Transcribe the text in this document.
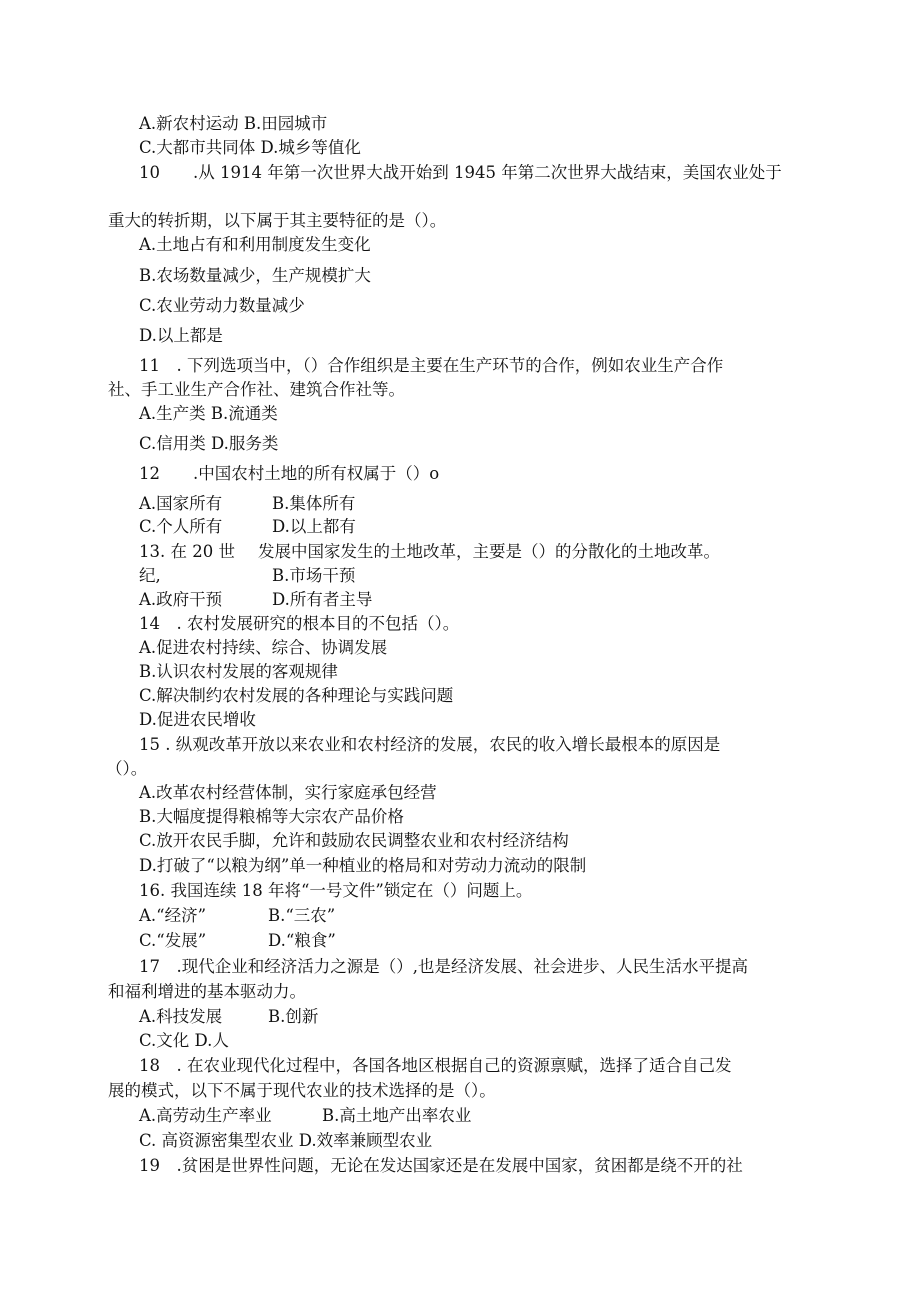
A.新农村运动 B.田园城市
C.大都市共同体 D.城乡等值化
10　　.从 1914 年第一次世界大战开始到 1945 年第二次世界大战结束，美国农业处于
重大的转折期，以下属于其主要特征的是（）。
A.土地占有和利用制度发生变化
B.农场数量减少，生产规模扩大
C.农业劳动力数量减少
D.以上都是
11　. 下列选项当中，（）合作组织是主要在生产环节的合作，例如农业生产合作
社、手工业生产合作社、建筑合作社等。
A.生产类 B.流通类
C.信用类 D.服务类
12　　.中国农村土地的所有权属于（）o
A.国家所有	B.集体所有
C.个人所有	D.以上都有
13. 在 20 世 发展中国家发生的土地改革，主要是（）的分散化的土地改革。
纪,	B.市场干预
A.政府干预	D.所有者主导
14　. 农村发展研究的根本目的不包括（）。
A.促进农村持续、综合、协调发展
B.认识农村发展的客观规律
C.解决制约农村发展的各种理论与实践问题
D.促进农民增收
15 . 纵观改革开放以来农业和农村经济的发展，农民的收入增长最根本的原因是
（）。
A.改革农村经营体制，实行家庭承包经营
B.大幅度提得粮棉等大宗农产品价格
C.放开农民手脚，允许和鼓励农民调整农业和农村经济结构
D.打破了“以粮为纲”单一种植业的格局和对劳动力流动的限制
16. 我国连续 18 年将“一号文件”锁定在（）问题上。
A.“经济”	B.“三农”
C.“发展”	D.“粮食”
17　.现代企业和经济活力之源是（）,也是经济发展、社会进步、人民生活水平提高
和福利增进的基本驱动力。
A.科技发展	B.创新
C.文化 D.人
18　. 在农业现代化过程中，各国各地区根据自己的资源禀赋，选择了适合自己发
展的模式，以下不属于现代农业的技术选择的是（）。
A.高劳动生产率业	B.高土地产出率农业
C. 高资源密集型农业 D.效率兼顾型农业
19　.贫困是世界性问题，无论在发达国家还是在发展中国家，贫困都是绕不开的社
